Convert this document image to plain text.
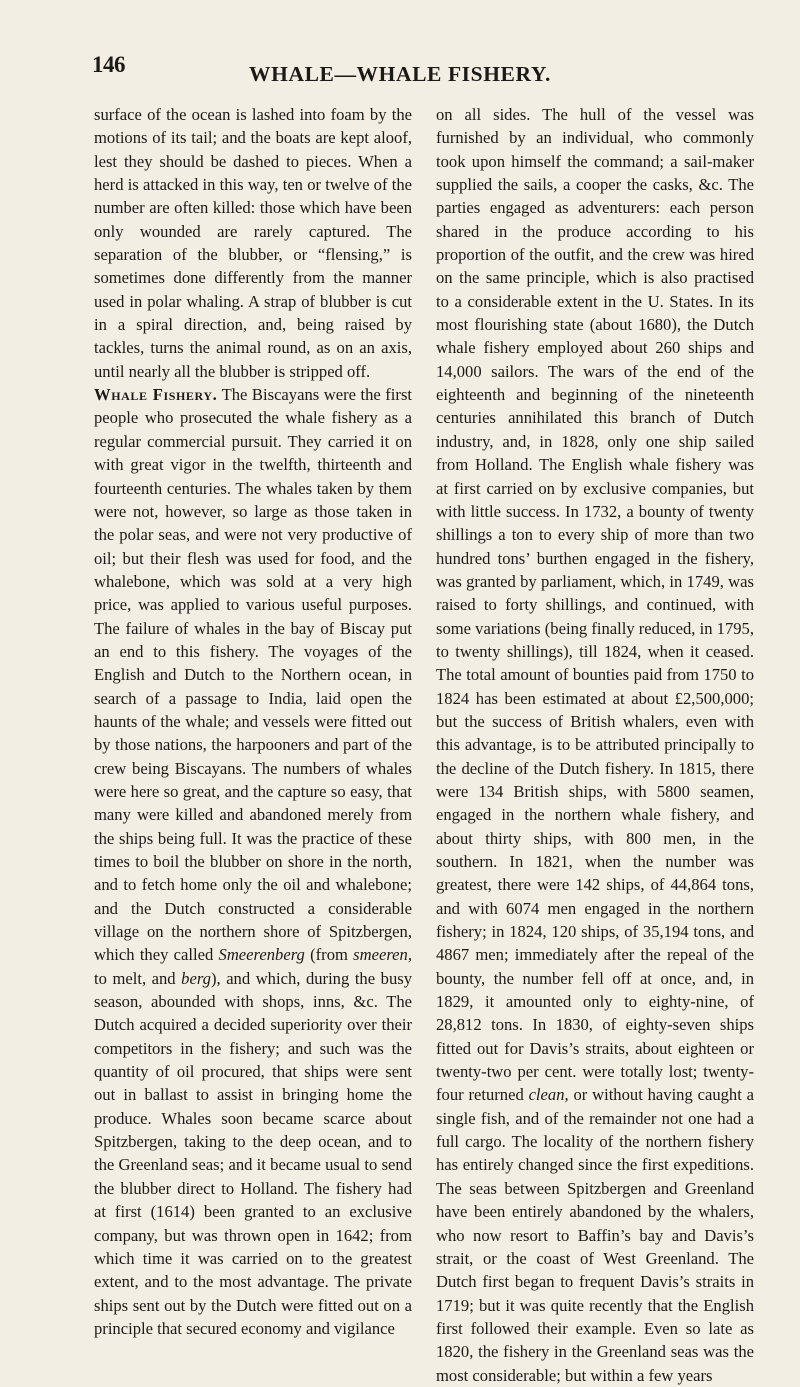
146	WHALE—WHALE FISHERY.

surface of the ocean is lashed into foam by the motions of its tail; and the boats are kept aloof, lest they should be dashed to pieces. When a herd is attacked in this way, ten or twelve of the number are often killed: those which have been only wounded are rarely captured. The separation of the blubber, or “flensing,” is sometimes done differently from the manner used in polar whaling. A strap of blubber is cut in a spiral direction, and, being raised by tackles, turns the animal round, as on an axis, until nearly all the blubber is stripped off.

Whale Fishery. The Biscayans were the first people who prosecuted the whale fishery as a regular commercial pursuit. They carried it on with great vigor in the twelfth, thirteenth and fourteenth centuries. The whales taken by them were not, however, so large as those taken in the polar seas, and were not very productive of oil; but their flesh was used for food, and the whalebone, which was sold at a very high price, was applied to various useful purposes. The failure of whales in the bay of Biscay put an end to this fishery. The voyages of the English and Dutch to the Northern ocean, in search of a passage to India, laid open the haunts of the whale; and vessels were fitted out by those nations, the harpooners and part of the crew being Biscayans. The numbers of whales were here so great, and the capture so easy, that many were killed and abandoned merely from the ships being full. It was the practice of these times to boil the blubber on shore in the north, and to fetch home only the oil and whalebone; and the Dutch constructed a considerable village on the northern shore of Spitzbergen, which they called Smeerenberg (from smeeren, to melt, and berg), and which, during the busy season, abounded with shops, inns, &c. The Dutch acquired a decided superiority over their competitors in the fishery; and such was the quantity of oil procured, that ships were sent out in ballast to assist in bringing home the produce. Whales soon became scarce about Spitzbergen, taking to the deep ocean, and to the Greenland seas; and it became usual to send the blubber direct to Holland. The fishery had at first (1614) been granted to an exclusive company, but was thrown open in 1642; from which time it was carried on to the greatest extent, and to the most advantage. The private ships sent out by the Dutch were fitted out on a principle that secured economy and vigilance

on all sides. The hull of the vessel was furnished by an individual, who commonly took upon himself the command; a sail-maker supplied the sails, a cooper the casks, &c. The parties engaged as adventurers: each person shared in the produce according to his proportion of the outfit, and the crew was hired on the same principle, which is also practised to a considerable extent in the U. States. In its most flourishing state (about 1680), the Dutch whale fishery employed about 260 ships and 14,000 sailors. The wars of the end of the eighteenth and beginning of the nineteenth centuries annihilated this branch of Dutch industry, and, in 1828, only one ship sailed from Holland. The English whale fishery was at first carried on by exclusive companies, but with little success. In 1732, a bounty of twenty shillings a ton to every ship of more than two hundred tons’ burthen engaged in the fishery, was granted by parliament, which, in 1749, was raised to forty shillings, and continued, with some variations (being finally reduced, in 1795, to twenty shillings), till 1824, when it ceased. The total amount of bounties paid from 1750 to 1824 has been estimated at about £2,500,000; but the success of British whalers, even with this advantage, is to be attributed principally to the decline of the Dutch fishery. In 1815, there were 134 British ships, with 5800 seamen, engaged in the northern whale fishery, and about thirty ships, with 800 men, in the southern. In 1821, when the number was greatest, there were 142 ships, of 44,864 tons, and with 6074 men engaged in the northern fishery; in 1824, 120 ships, of 35,194 tons, and 4867 men; immediately after the repeal of the bounty, the number fell off at once, and, in 1829, it amounted only to eighty-nine, of 28,812 tons. In 1830, of eighty-seven ships fitted out for Davis’s straits, about eighteen or twenty-two per cent. were totally lost; twenty-four returned clean, or without having caught a single fish, and of the remainder not one had a full cargo. The locality of the northern fishery has entirely changed since the first expeditions. The seas between Spitzbergen and Greenland have been entirely abandoned by the whalers, who now resort to Baffin’s bay and Davis’s strait, or the coast of West Greenland. The Dutch first began to frequent Davis’s straits in 1719; but it was quite recently that the English first followed their example. Even so late as 1820, the fishery in the Greenland seas was the most considerable; but within a few years
